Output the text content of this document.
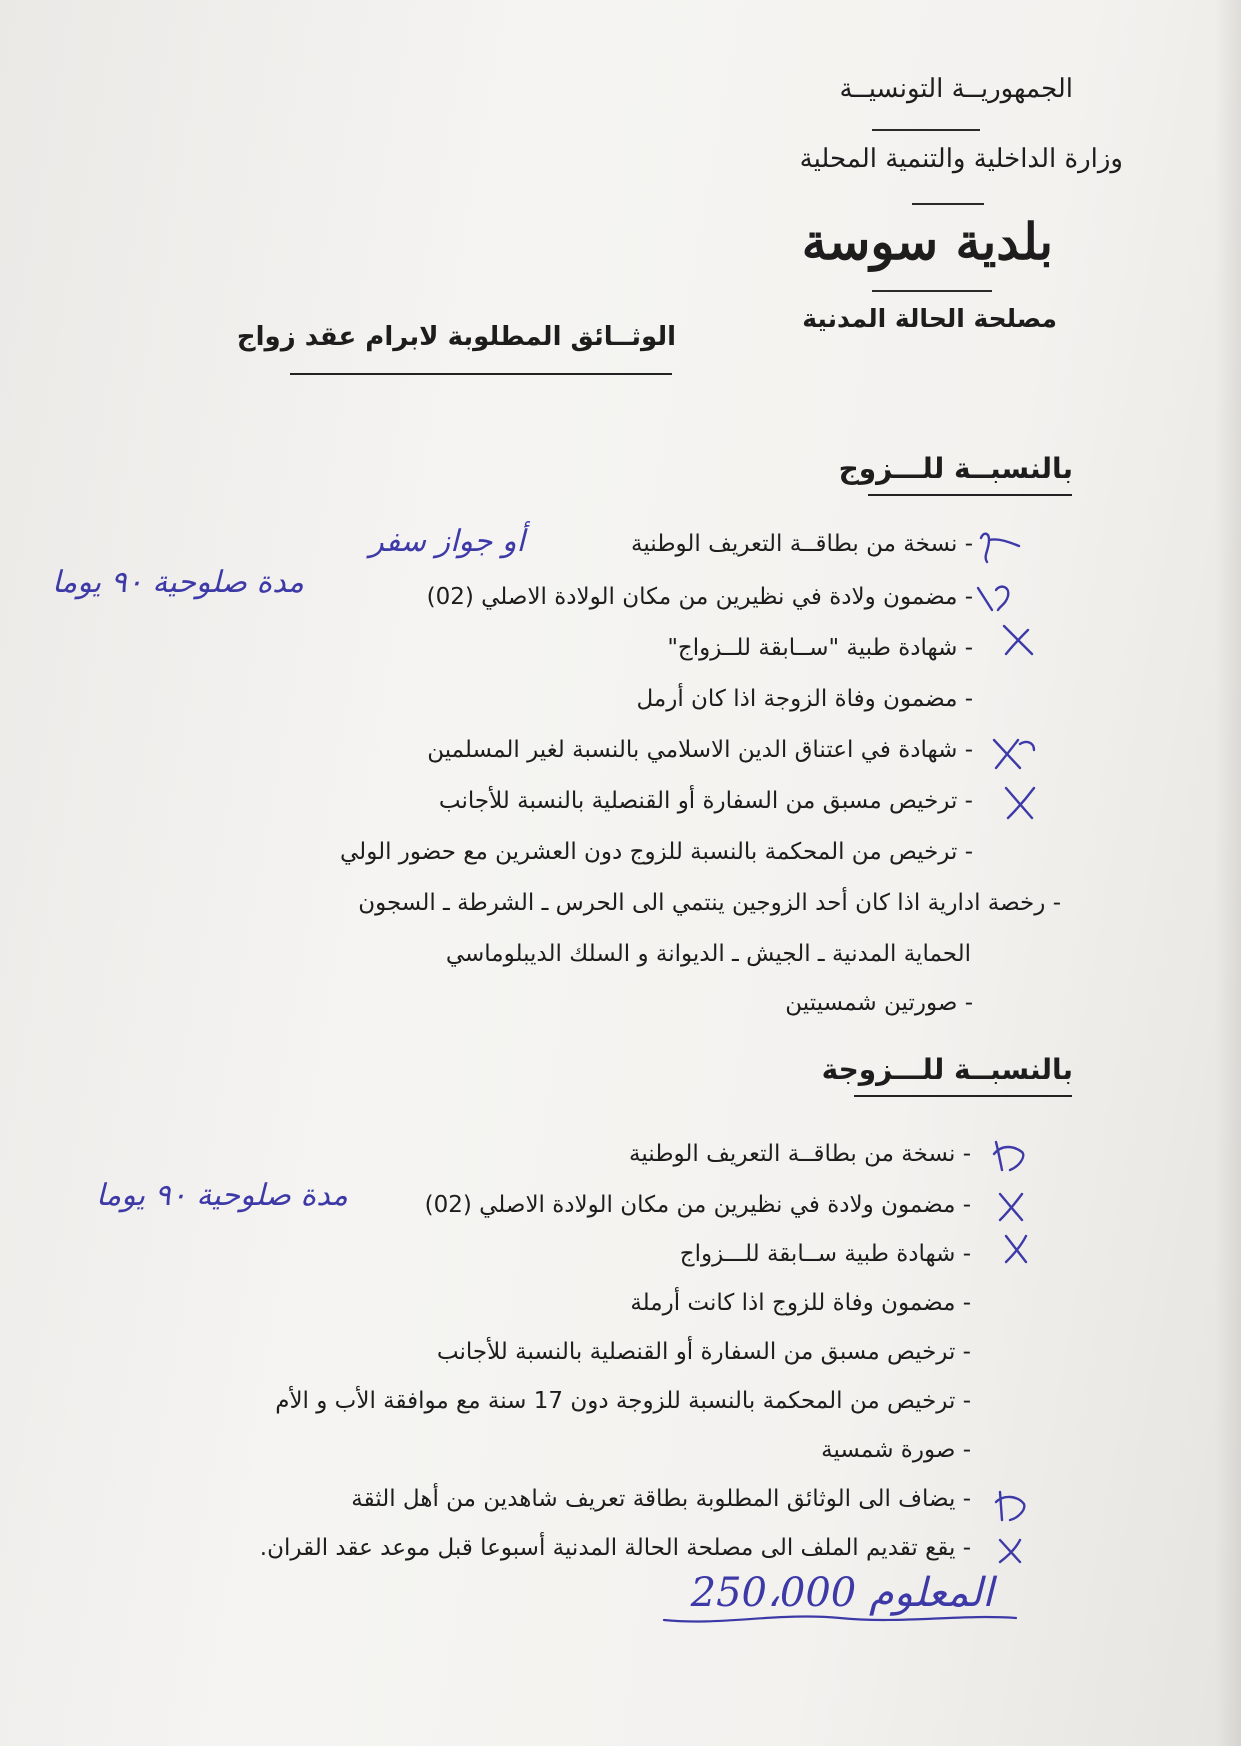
الجمهوريــة التونسيــة
وزارة الداخلية والتنمية المحلية
بلدية سوسة
مصلحة الحالة المدنية
الوثــائق المطلوبة لابرام عقد زواج
بالنسبــة للـــزوج
- نسخة من بطاقــة التعريف الوطنية
- مضمون ولادة في نظيرين من مكان الولادة الاصلي (02)
- شهادة طبية "ســابقة للــزواج"
- مضمون وفاة الزوجة اذا كان أرمل
- شهادة في اعتناق الدين الاسلامي بالنسبة لغير المسلمين
- ترخيص مسبق من السفارة أو القنصلية بالنسبة للأجانب
- ترخيص من المحكمة بالنسبة للزوج دون العشرين مع حضور الولي
- رخصة ادارية اذا كان أحد الزوجين ينتمي الى الحرس ـ الشرطة ـ السجون
الحماية المدنية ـ الجيش ـ الديوانة و السلك الديبلوماسي
- صورتين شمسيتين
أو جواز سفر
مدة صلوحية ٩٠ يوما
بالنسبــة للـــزوجة
- نسخة من بطاقــة التعريف الوطنية
- مضمون ولادة في نظيرين من مكان الولادة الاصلي (02)
- شهادة طبية ســابقة للـــزواج
- مضمون وفاة للزوج اذا كانت أرملة
- ترخيص مسبق من السفارة أو القنصلية بالنسبة للأجانب
- ترخيص من المحكمة بالنسبة للزوجة دون 17 سنة مع موافقة الأب و الأم
- صورة شمسية
- يضاف الى الوثائق المطلوبة بطاقة تعريف شاهدين من أهل الثقة
- يقع تقديم الملف الى مصلحة الحالة المدنية أسبوعا قبل موعد عقد القران.
مدة صلوحية ٩٠ يوما
المعلوم 250،000
